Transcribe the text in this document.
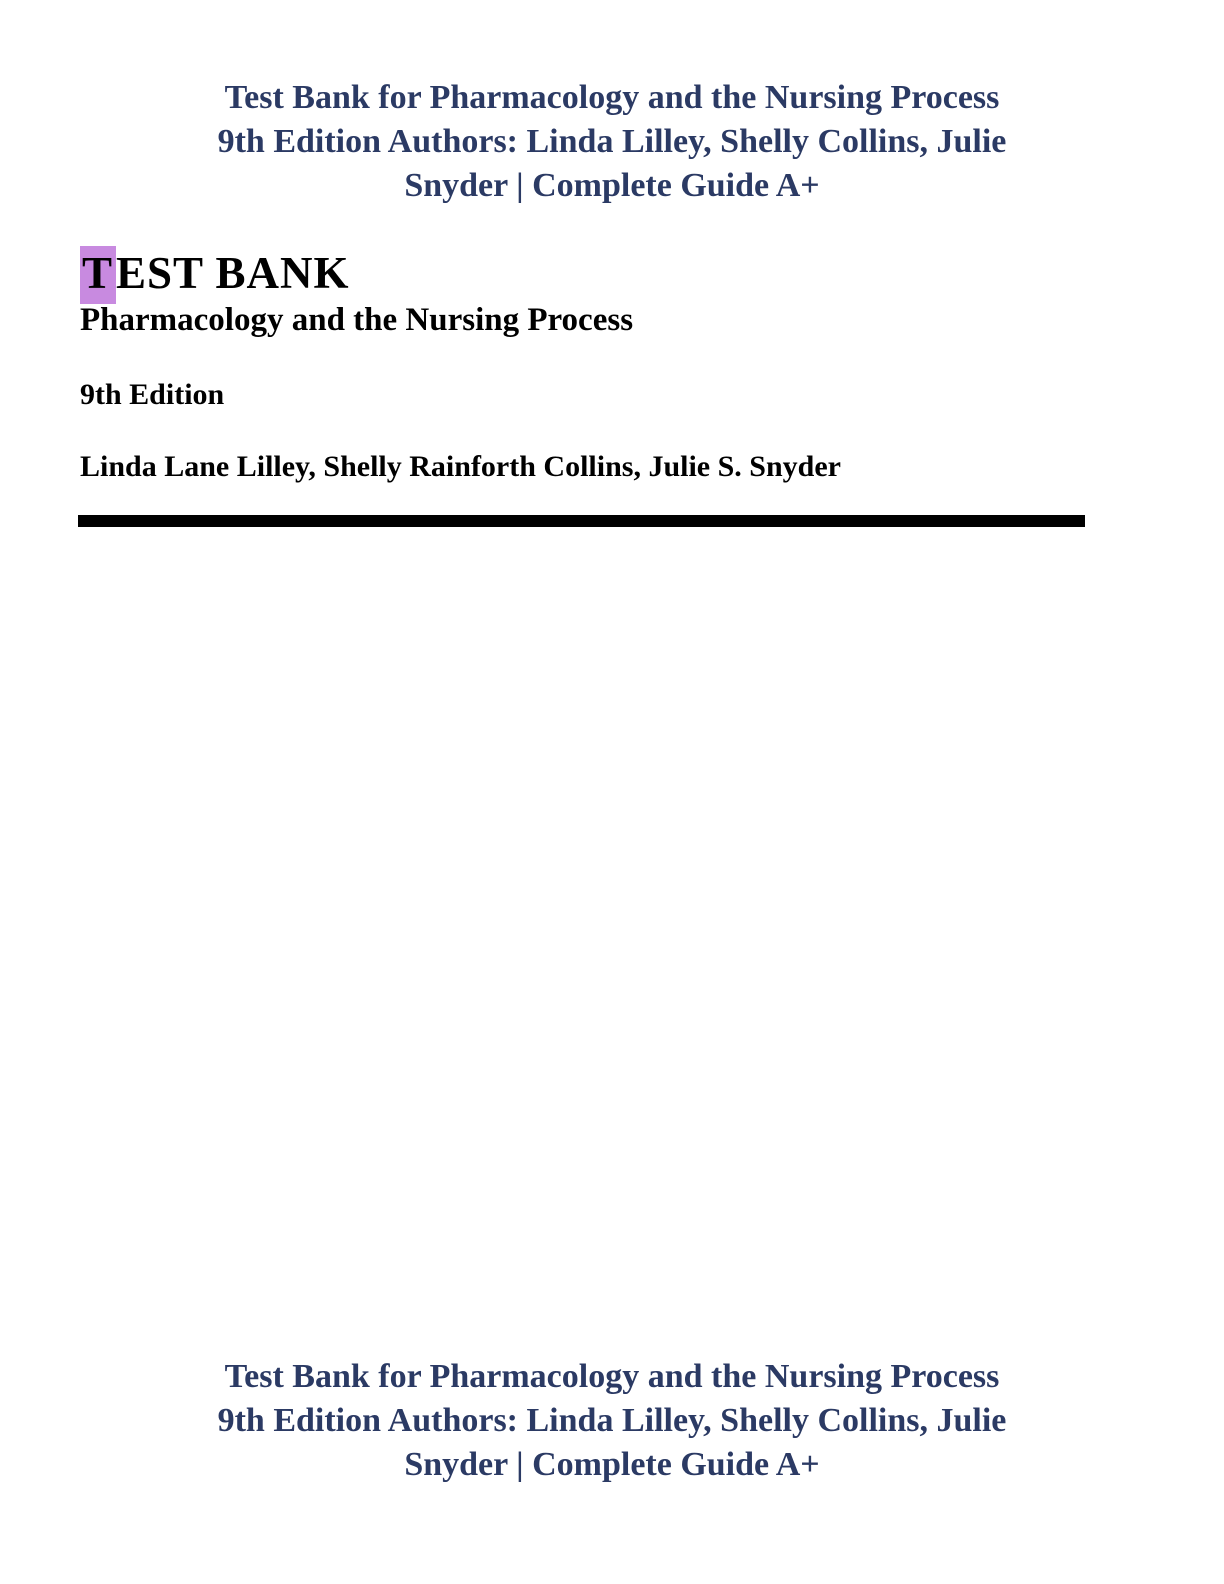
Test Bank for Pharmacology and the Nursing Process
9th Edition Authors: Linda Lilley, Shelly Collins, Julie
Snyder | Complete Guide A+
TEST BANK
Pharmacology and the Nursing Process
9th Edition
Linda Lane Lilley, Shelly Rainforth Collins, Julie S. Snyder
Test Bank for Pharmacology and the Nursing Process
9th Edition Authors: Linda Lilley, Shelly Collins, Julie
Snyder | Complete Guide A+
